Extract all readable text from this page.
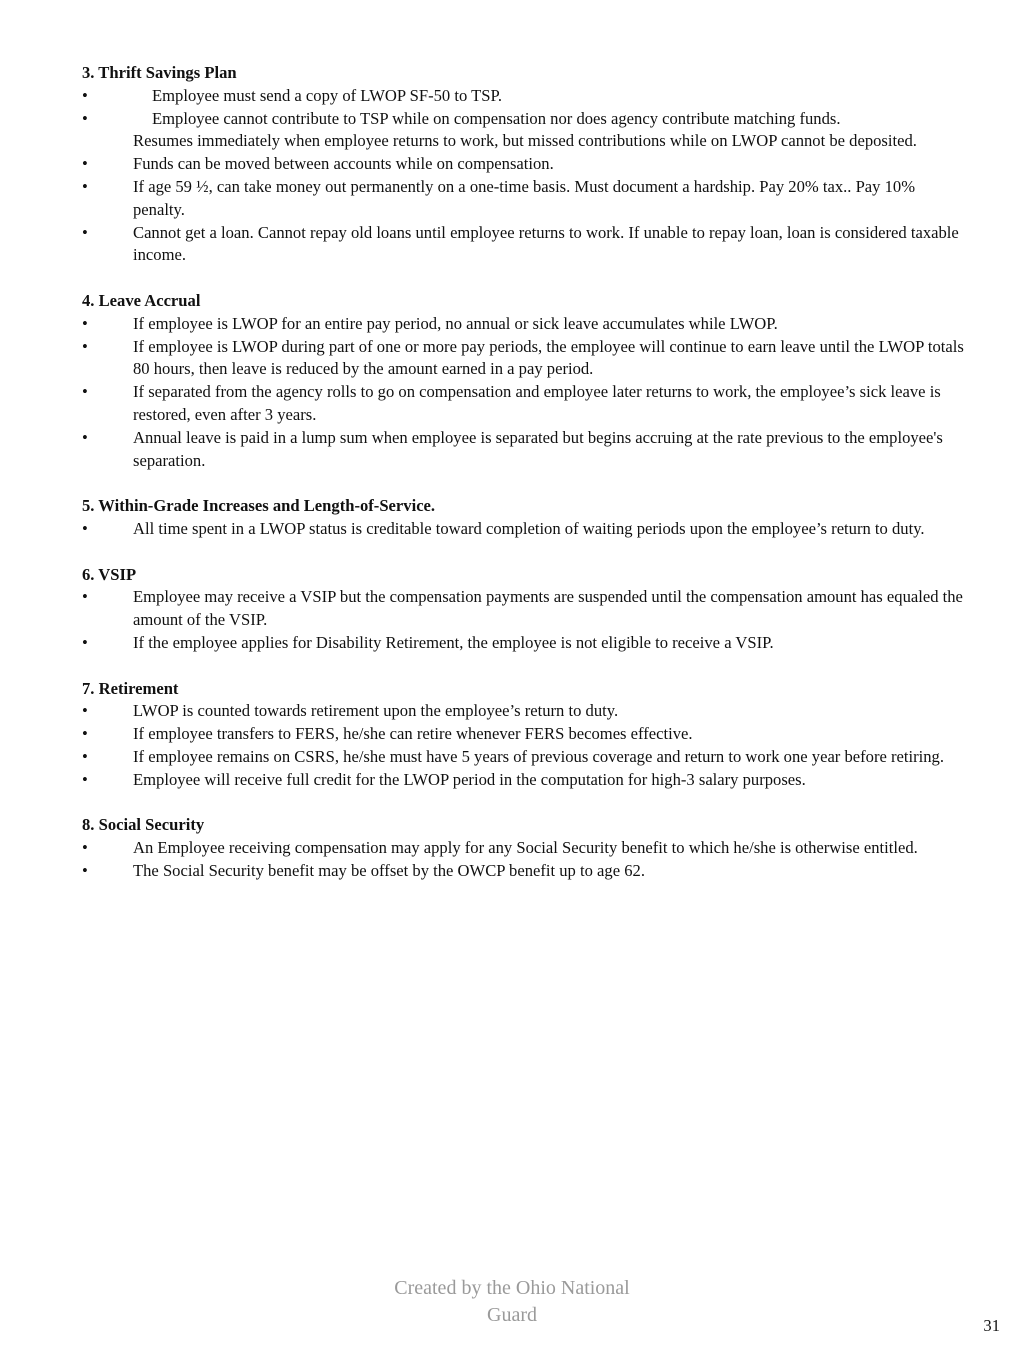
3. Thrift Savings Plan
•	Employee must send a copy of LWOP SF-50 to TSP.
•	Employee cannot contribute to TSP while on compensation nor does agency contribute matching funds.
Resumes immediately when employee returns to work, but missed contributions while on LWOP cannot be deposited.
•	Funds can be moved between accounts while on compensation.
•	If age 59 ½, can take money out permanently on a one-time basis. Must document a hardship. Pay 20% tax.. Pay 10% penalty.
•	Cannot get a loan. Cannot repay old loans until employee returns to work. If unable to repay loan, loan is considered taxable income.
4. Leave Accrual
•	If employee is LWOP for an entire pay period, no annual or sick leave accumulates while LWOP.
•	If employee is LWOP during part of one or more pay periods, the employee will continue to earn leave until the LWOP totals 80 hours, then leave is reduced by the amount earned in a pay period.
•	If separated from the agency rolls to go on compensation and employee later returns to work, the employee’s sick leave is restored, even after 3 years.
•	Annual leave is paid in a lump sum when employee is separated but begins accruing at the rate previous to the employee's separation.
5. Within-Grade Increases and Length-of-Service.
•	All time spent in a LWOP status is creditable toward completion of waiting periods upon the employee’s return to duty.
6. VSIP
•	Employee may receive a VSIP but the compensation payments are suspended until the compensation amount has equaled the amount of the VSIP.
•	If the employee applies for Disability Retirement, the employee is not eligible to receive a VSIP.
7. Retirement
•	LWOP is counted towards retirement upon the employee’s return to duty.
•	If employee transfers to FERS, he/she can retire whenever FERS becomes effective.
•	If employee remains on CSRS, he/she must have 5 years of previous coverage and return to work one year before retiring.
•	Employee will receive full credit for the LWOP period in the computation for high-3 salary purposes.
8. Social Security
•	An Employee receiving compensation may apply for any Social Security benefit to which he/she is otherwise entitled.
•	The Social Security benefit may be offset by the OWCP benefit up to age 62.
Created by the Ohio National
Guard	31
